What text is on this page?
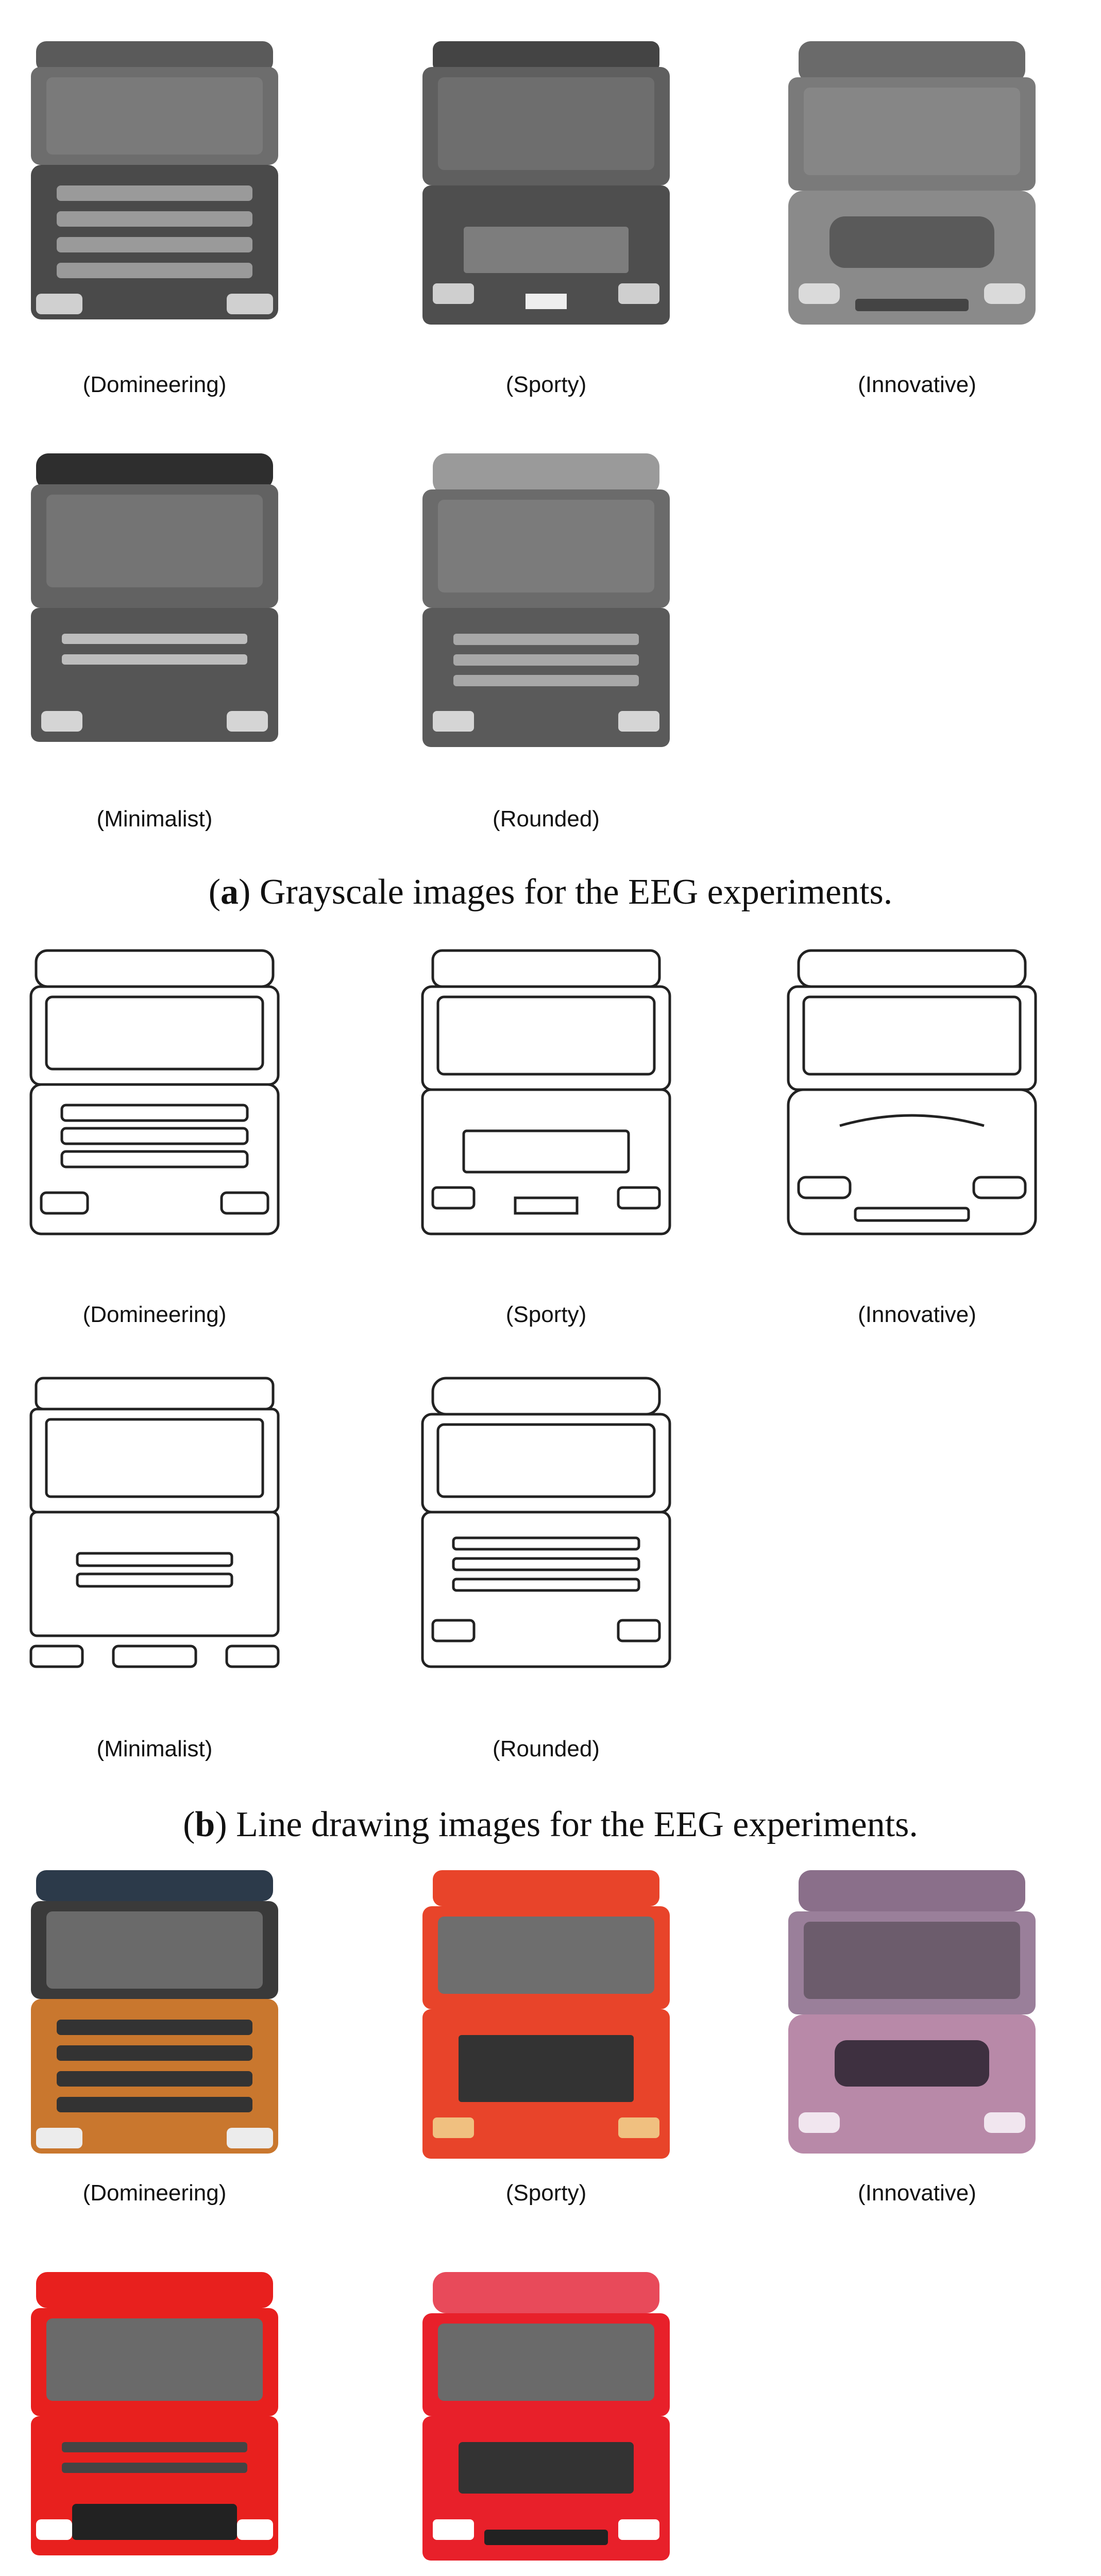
(Domineering)	(Sporty)	(Innovative)
(Minimalist)	(Rounded)
(a) Grayscale images for the EEG experiments.
(Domineering)	(Sporty)	(Innovative)
(Minimalist)	(Rounded)
(b) Line drawing images for the EEG experiments.
(Domineering)	(Sporty)	(Innovative)
